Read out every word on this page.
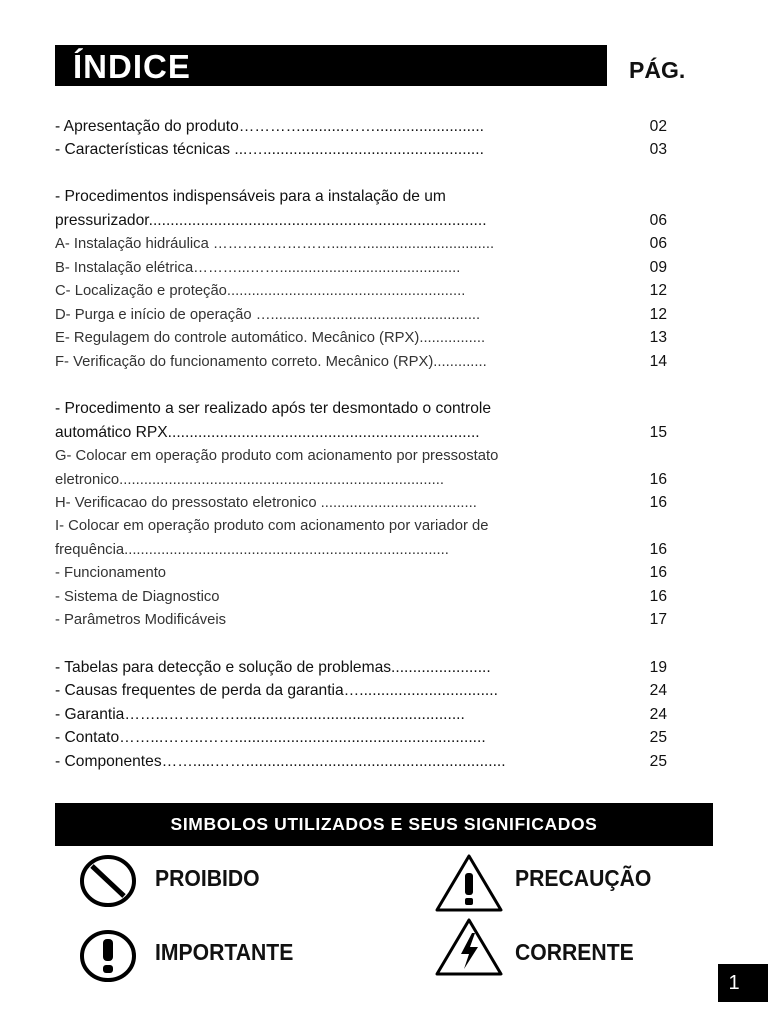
ÍNDICE	PÁG.
- Apresentação do produto…………..........…….........................	02
- Características técnicas ...…...................................................	03
- Procedimentos indispensáveis para a instalação de um
pressurizador..............................................................................	06
A- Instalação hidráulica ……………………....…................................	06
B- Instalação elétrica………...……............................................	09
C- Localização e proteção..........................................................	12
D- Purga e início de operação …...................................................	12
E- Regulagem do controle automático. Mecânico (RPX)................	13
F- Verificação do funcionamento correto. Mecânico (RPX).............	14
- Procedimento a ser realizado após ter desmontado o controle
automático RPX........................................................................	15
G- Colocar em operação produto com acionamento por pressostato
eletronico...............................................................................	16
H- Verificacao do pressostato eletronico ......................................	16
I- Colocar em operação produto com acionamento por variador de
frequência...............................................................................	16
- Funcionamento	16
- Sistema de Diagnostico	16
- Parâmetros Modificáveis	17
- Tabelas para detecção e solução de problemas.......................	19
- Causas frequentes de perda da garantia…................................	24
- Garantia……...…….…….....................................................	24
- Contato……...……..……..........................................................	25
- Componentes…….....……............................................................	25
SIMBOLOS UTILIZADOS E SEUS SIGNIFICADOS
PROIBIDO	PRECAUÇÃO
IMPORTANTE	CORRENTE
1
